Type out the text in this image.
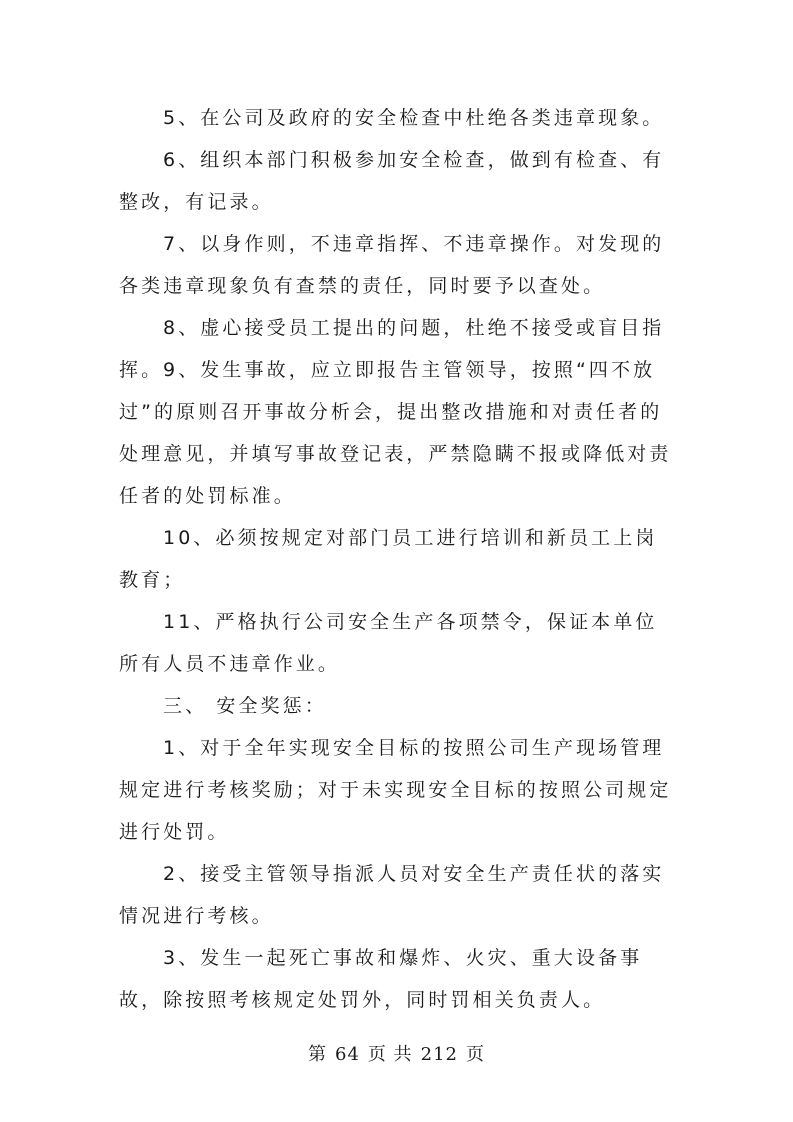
5、在公司及政府的安全检查中杜绝各类违章现象。

6、组织本部门积极参加安全检查，做到有检查、有整改，有记录。

7、以身作则，不违章指挥、不违章操作。对发现的各类违章现象负有查禁的责任，同时要予以查处。

8、虚心接受员工提出的问题，杜绝不接受或盲目指挥。 9、发生事故，应立即报告主管领导，按照“四不放过”的原则召开事故分析会，提出整改措施和对责任者的处理意见，并填写事故登记表，严禁隐瞒不报或降低对责任者的处罚标准。

10、必须按规定对部门员工进行培训和新员工上岗教育；

11、严格执行公司安全生产各项禁令，保证本单位所有人员不违章作业。

三、 安全奖惩：

1、对于全年实现安全目标的按照公司生产现场管理规定进行考核奖励；对于未实现安全目标的按照公司规定进行处罚。

2、接受主管领导指派人员对安全生产责任状的落实情况进行考核。

3、发生一起死亡事故和爆炸、火灾、重大设备事故，除按照考核规定处罚外，同时罚相关负责人。

第 64 页 共 212 页
